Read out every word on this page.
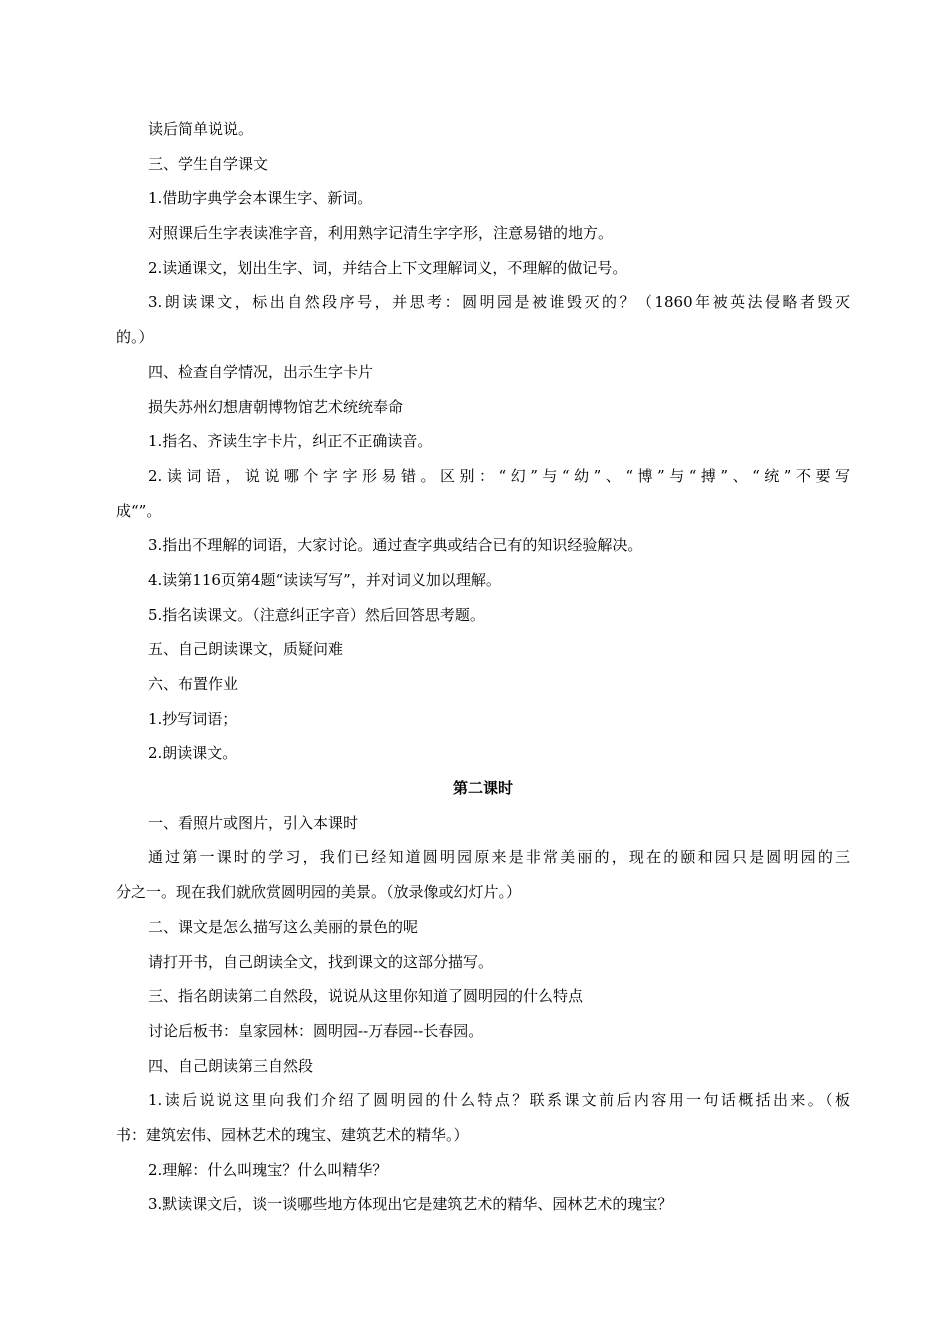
读后简单说说。
三、学生自学课文
1.借助字典学会本课生字、新词。
对照课后生字表读准字音，利用熟字记清生字字形，注意易错的地方。
2.读通课文，划出生字、词，并结合上下文理解词义，不理解的做记号。
3.朗读课文，标出自然段序号，并思考：圆明园是被谁毁灭的？（1860年被英法侵略者毁灭
的。）
四、检查自学情况，出示生字卡片
损失苏州幻想唐朝博物馆艺术统统奉命
1.指名、齐读生字卡片，纠正不正确读音。
2.读词语，说说哪个字字形易错。区别：“幻”与“幼”、“博”与“搏”、“统”不要写
成“”。
3.指出不理解的词语，大家讨论。通过查字典或结合已有的知识经验解决。
4.读第116页第4题“读读写写”，并对词义加以理解。
5.指名读课文。（注意纠正字音）然后回答思考题。
五、自己朗读课文，质疑问难
六、布置作业
1.抄写词语；
2.朗读课文。
第二课时
一、看照片或图片，引入本课时
通过第一课时的学习，我们已经知道圆明园原来是非常美丽的，现在的颐和园只是圆明园的三
分之一。现在我们就欣赏圆明园的美景。（放录像或幻灯片。）
二、课文是怎么描写这么美丽的景色的呢
请打开书，自己朗读全文，找到课文的这部分描写。
三、指名朗读第二自然段，说说从这里你知道了圆明园的什么特点
讨论后板书：皇家园林：圆明园--万春园--长春园。
四、自己朗读第三自然段
1.读后说说这里向我们介绍了圆明园的什么特点？联系课文前后内容用一句话概括出来。（板
书：建筑宏伟、园林艺术的瑰宝、建筑艺术的精华。）
2.理解：什么叫瑰宝？什么叫精华？
3.默读课文后，谈一谈哪些地方体现出它是建筑艺术的精华、园林艺术的瑰宝？
